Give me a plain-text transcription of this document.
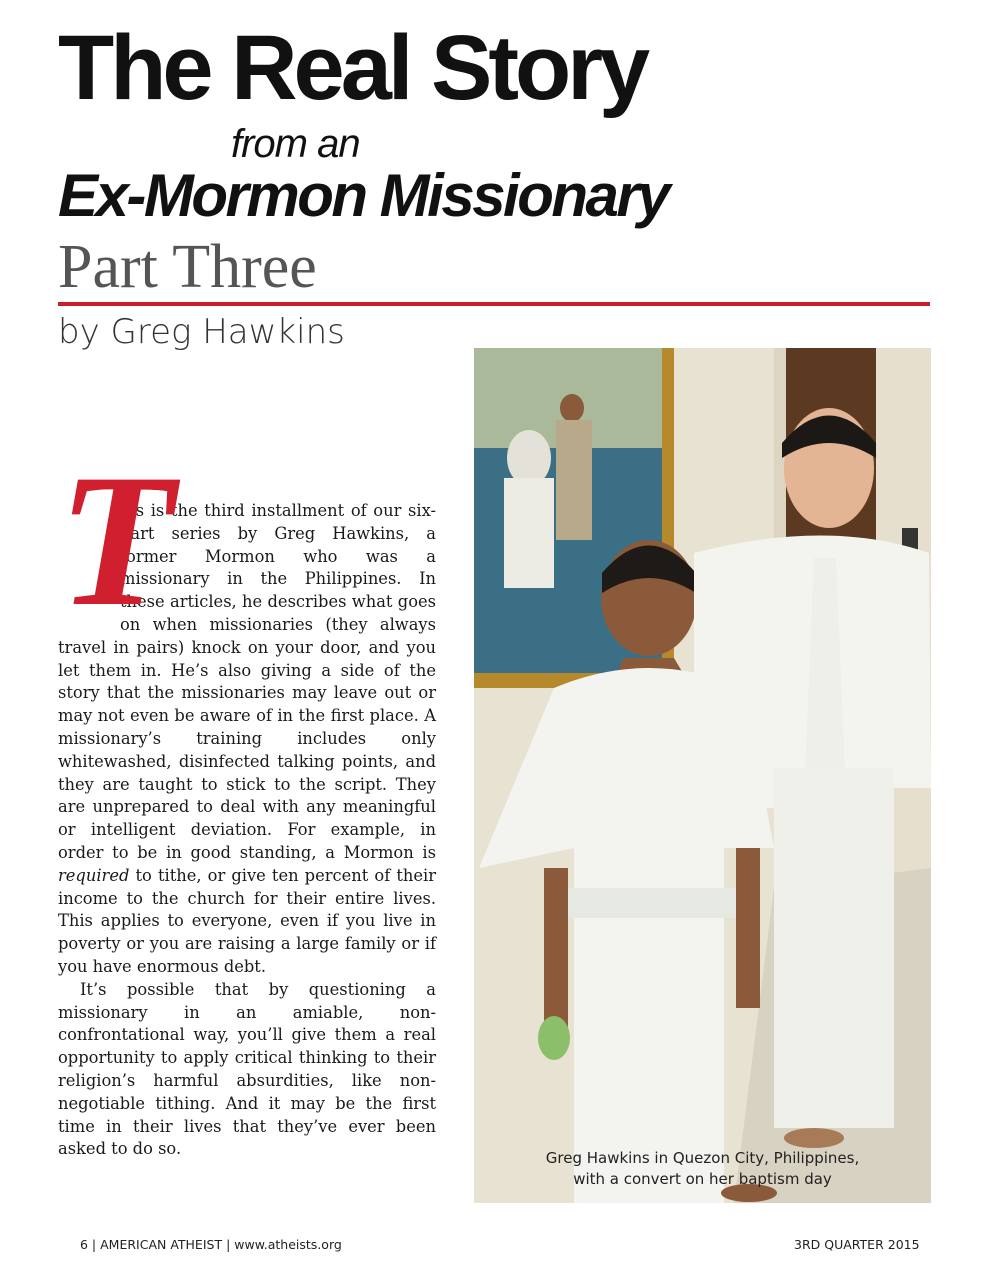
The Real Story
from an
Ex-Mormon Missionary
Part Three
by Greg Hawkins

T
his is the third installment of our six-part series by Greg Hawkins, a former Mormon who was a missionary in the Philippines. In these articles, he describes what goes on when missionaries (they always travel in pairs) knock on your door, and you let them in. He’s also giving a side of the story that the missionaries may leave out or may not even be aware of in the first place. A missionary’s training includes only whitewashed, disinfected talking points, and they are taught to stick to the script. They are unprepared to deal with any meaningful or intelligent deviation. For example, in order to be in good standing, a Mormon is required to tithe, or give ten percent of their income to the church for their entire lives. This applies to everyone, even if you live in poverty or you are raising a large family or if you have enormous debt.

It’s possible that by questioning a missionary in an amiable, non-confrontational way, you’ll give them a real opportunity to apply critical thinking to their religion’s harmful absurdities, like non-negotiable tithing. And it may be the first time in their lives that they’ve ever been asked to do so.	Greg Hawkins in Quezon City, Philippines,
with a convert on her baptism day
6 | AMERICAN ATHEIST | www.atheists.org	3RD QUARTER 2015
